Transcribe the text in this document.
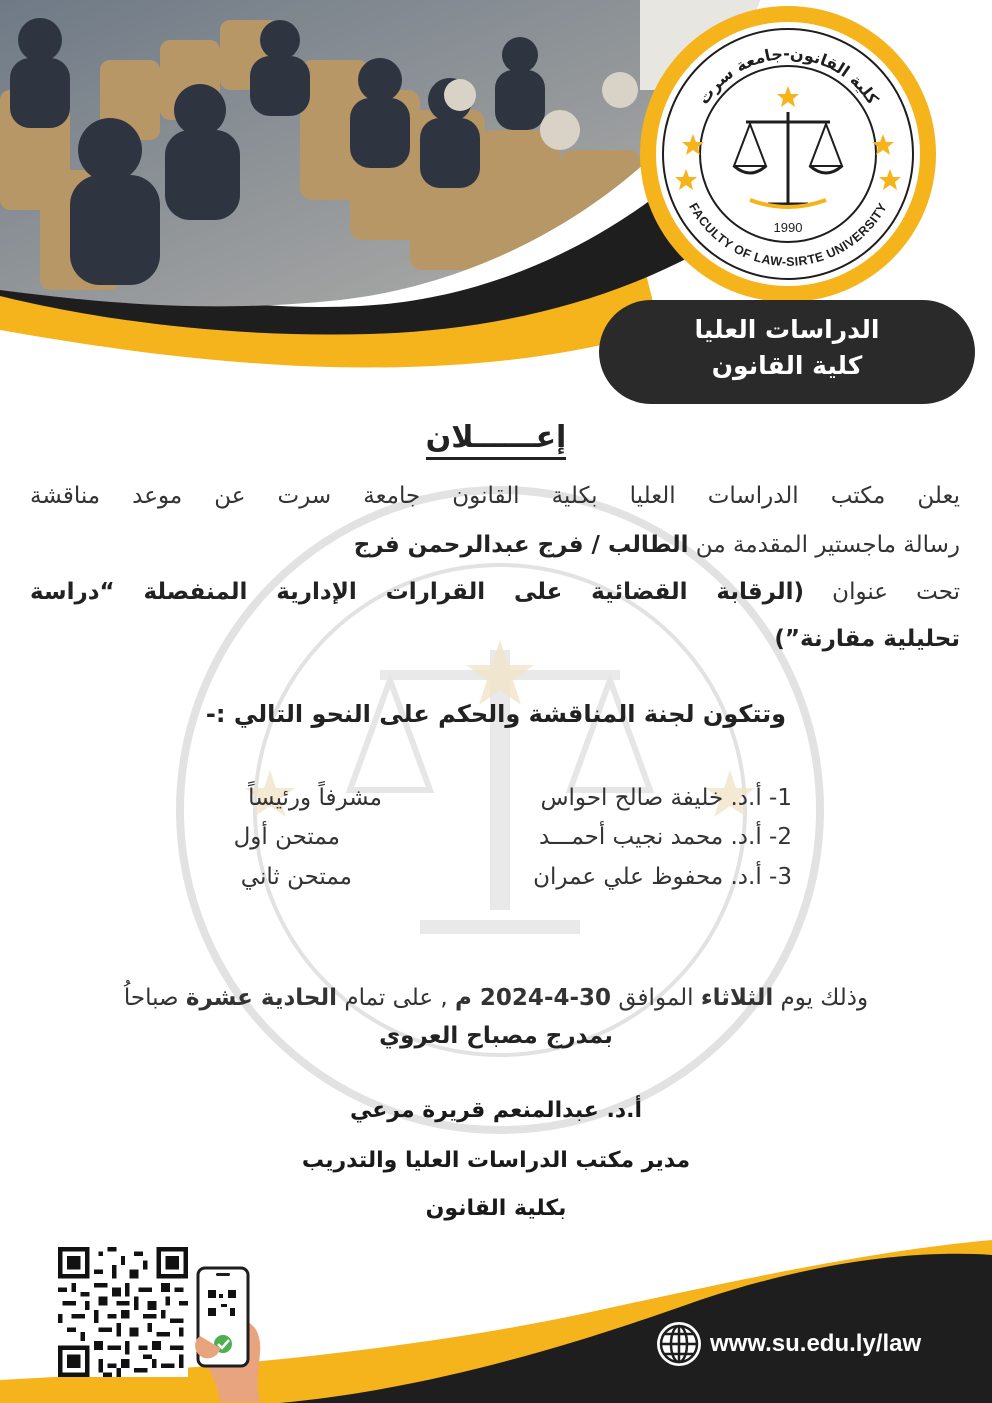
كلية القانون-جامعة سرت
FACULTY OF LAW-SIRTE UNIVERSITY
1990
الدراسات العليا
كلية القانون
إعــــــلان
يعلن مكتب الدراسات العليا بكلية القانون جامعة سرت عن موعد مناقشة
رسالة ماجستير المقدمة من الطالب / فرج عبدالرحمن فرج
تحت عنوان (الرقابة القضائية على القرارات الإدارية المنفصلة “دراسة
تحليلية مقارنة”)
وتتكون لجنة المناقشة والحكم على النحو التالي :-
1- أ.د. خليفة صالح احواس
مشرفاً ورئيساً
2- أ.د. محمد نجيب أحمـــد
ممتحن أول
3- أ.د. محفوظ علي عمران
ممتحن ثاني
وذلك يوم الثلاثاء الموافق 30-4-2024 م , على تمام الحادية عشرة صباحاُ
بمدرج مصباح العروي
أ.د. عبدالمنعم قريرة مرعي
مدير مكتب الدراسات العليا والتدريب
بكلية القانون
www.su.edu.ly/law
